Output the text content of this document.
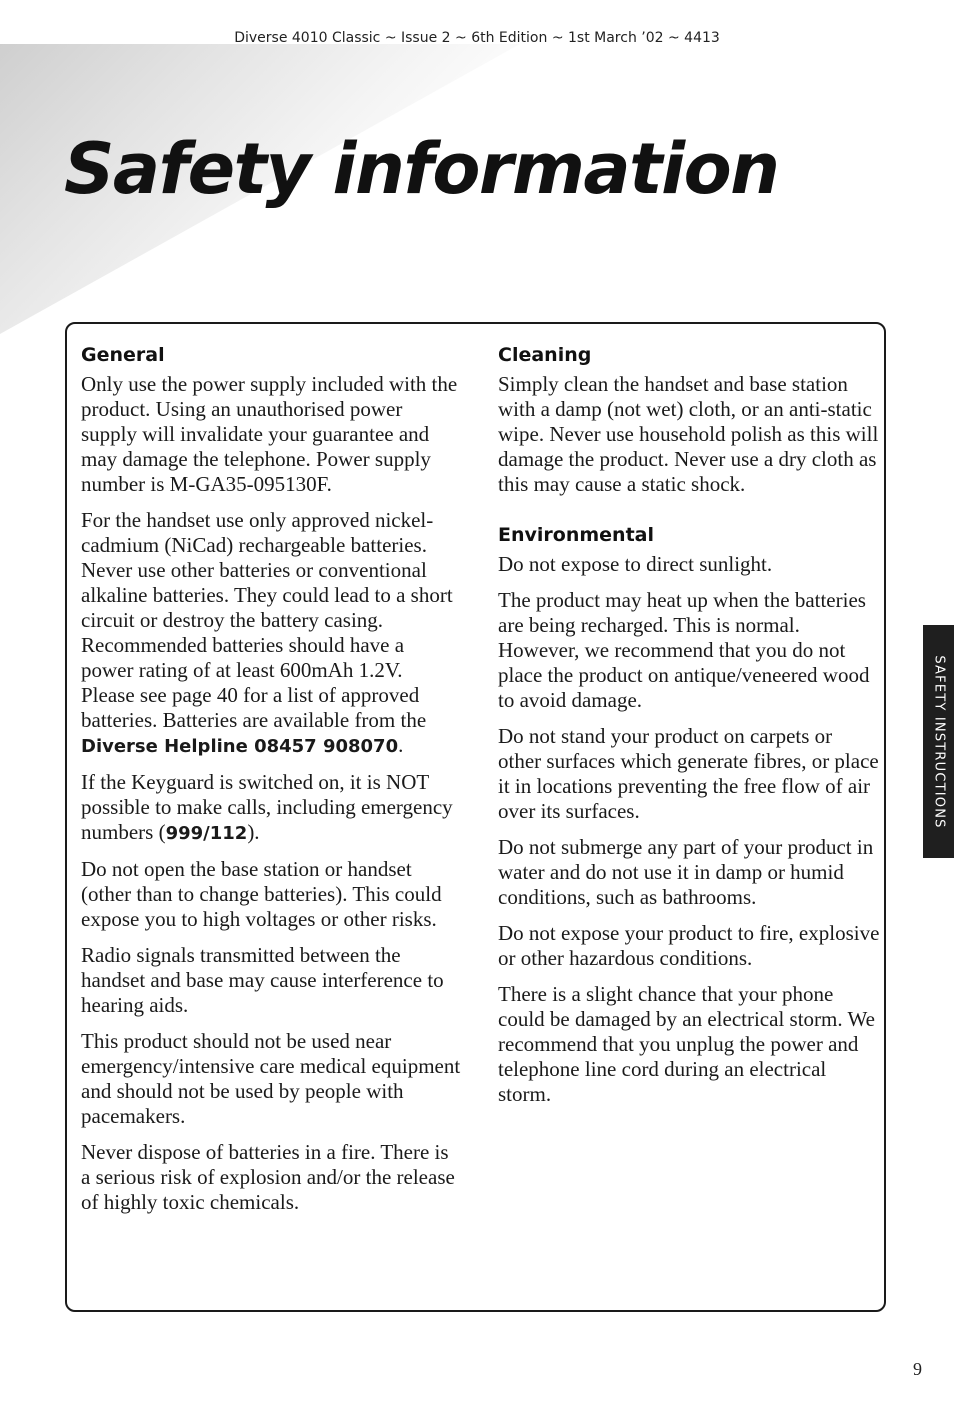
Diverse 4010 Classic ~ Issue 2 ~ 6th Edition ~ 1st March ’02 ~ 4413
Safety information
General

Only use the power supply included with the product. Using an unauthorised power supply will invalidate your guarantee and may damage the telephone. Power supply number is M-GA35-095130F.

For the handset use only approved nickel-cadmium (NiCad) rechargeable batteries. Never use other batteries or conventional alkaline batteries. They could lead to a short circuit or destroy the battery casing. Recommended batteries should have a power rating of at least 600mAh 1.2V. Please see page 40 for a list of approved batteries. Batteries are available from the Diverse Helpline 08457 908070.

If the Keyguard is switched on, it is NOT possible to make calls, including emergency numbers (999/112).

Do not open the base station or handset (other than to change batteries). This could expose you to high voltages or other risks.

Radio signals transmitted between the handset and base may cause interference to hearing aids.

This product should not be used near emergency/intensive care medical equipment and should not be used by people with pacemakers.

Never dispose of batteries in a fire. There is a serious risk of explosion and/or the release of highly toxic chemicals.

Cleaning

Simply clean the handset and base station with a damp (not wet) cloth, or an anti-static wipe. Never use household polish as this will damage the product. Never use a dry cloth as this may cause a static shock.

Environmental

Do not expose to direct sunlight.

The product may heat up when the batteries are being recharged. This is normal. However, we recommend that you do not place the product on antique/veneered wood to avoid damage.

Do not stand your product on carpets or other surfaces which generate fibres, or place it in locations preventing the free flow of air over its surfaces.

Do not submerge any part of your product in water and do not use it in damp or humid conditions, such as bathrooms.

Do not expose your product to fire, explosive or other hazardous conditions.

There is a slight chance that your phone could be damaged by an electrical storm. We recommend that you unplug the power and telephone line cord during an electrical storm.

SAFETY INSTRUCTIONS
9
